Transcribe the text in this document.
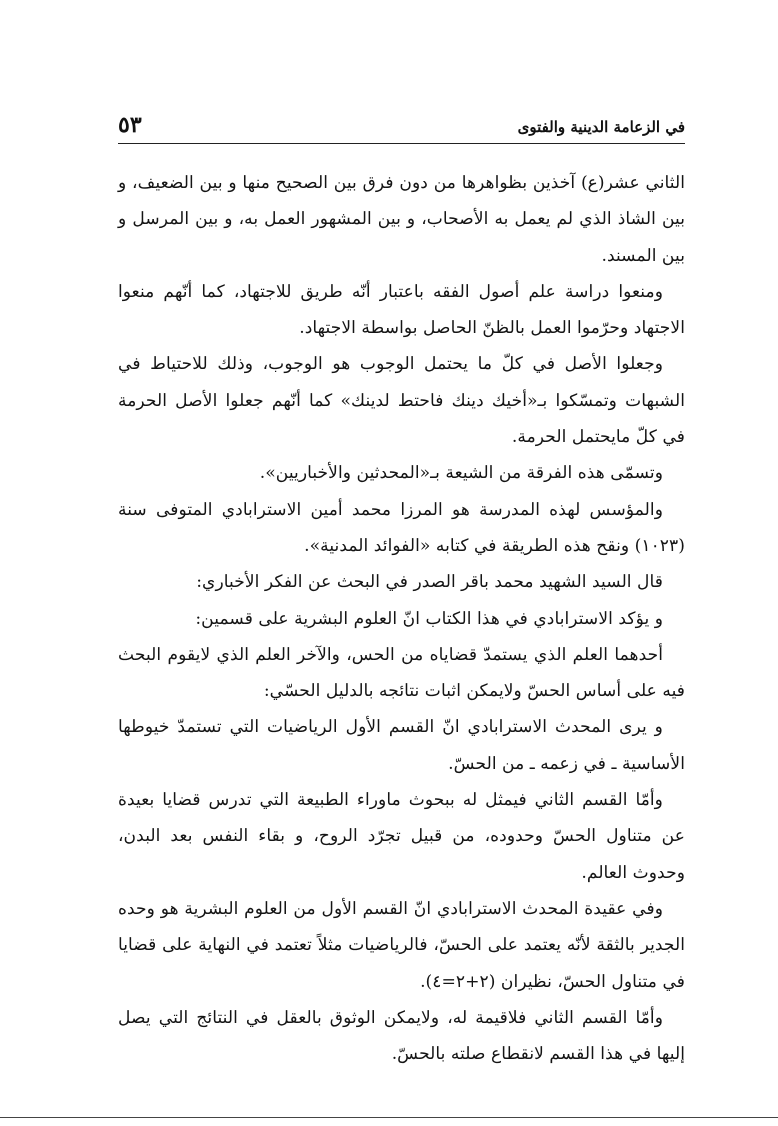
في الزعامة الدينية والفتوى
٥٣

الثاني عشر(ع) آخذين بظواهرها من دون فرق بين الصحيح منها و بين الضعيف، و بين الشاذ الذي لم يعمل به الأصحاب، و بين المشهور العمل به، و بين المرسل و بين المسند.

ومنعوا دراسة علم أصول الفقه باعتبار أنّه طريق للاجتهاد، كما أنّهم منعوا الاجتهاد وحرّموا العمل بالظنّ الحاصل بواسطة الاجتهاد.

وجعلوا الأصل في كلّ ما يحتمل الوجوب هو الوجوب، وذلك للاحتياط في الشبهات وتمسّكوا بـ«أخيك دينك فاحتط لدينك» كما أنّهم جعلوا الأصل الحرمة في كلّ مايحتمل الحرمة.

وتسمّى هذه الفرقة من الشيعة بـ«المحدثين والأخباريين».

والمؤسس لهذه المدرسة هو المرزا محمد أمين الاسترابادي المتوفى سنة (١٠٢٣) ونقح هذه الطريقة في كتابه «الفوائد المدنية».

قال السيد الشهيد محمد باقر الصدر في البحث عن الفكر الأخباري:

و يؤكد الاسترابادي في هذا الكتاب انّ العلوم البشرية على قسمين:

أحدهما العلم الذي يستمدّ قضاياه من الحس، والآخر العلم الذي لايقوم البحث فيه على أساس الحسّ ولايمكن اثبات نتائجه بالدليل الحسّي:

و يرى المحدث الاسترابادي انّ القسم الأول الرياضيات التي تستمدّ خيوطها الأساسية ـ في زعمه ـ من الحسّ.

وأمّا القسم الثاني فيمثل له ببحوث ماوراء الطبيعة التي تدرس قضايا بعيدة عن متناول الحسّ وحدوده، من قبيل تجرّد الروح، و بقاء النفس بعد البدن، وحدوث العالم.

وفي عقيدة المحدث الاسترابادي انّ القسم الأول من العلوم البشرية هو وحده الجدير بالثقة لأنّه يعتمد على الحسّ، فالرياضيات مثلاً تعتمد في النهاية على قضايا في متناول الحسّ، نظيران (٢+٢=٤).

وأمّا القسم الثاني فلاقيمة له، ولايمكن الوثوق بالعقل في النتائج التي يصل إليها في هذا القسم لانقطاع صلته بالحسّ.
